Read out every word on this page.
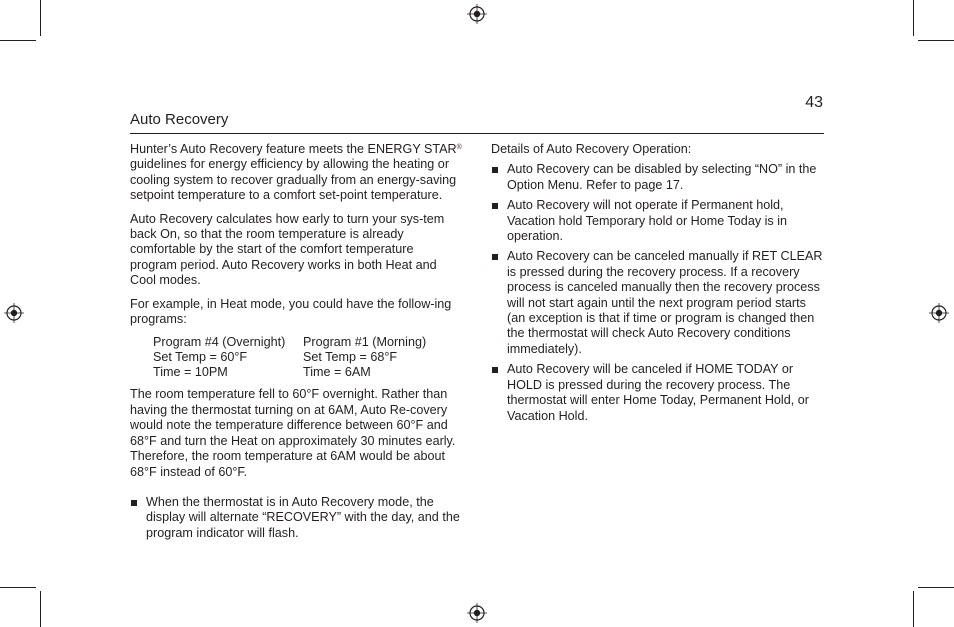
43
Auto Recovery

Hunter’s Auto Recovery feature meets the ENERGY STAR® guidelines for energy efficiency by allowing the heating or cooling system to recover gradually from an energy-saving setpoint temperature to a comfort set-point temperature.

Auto Recovery calculates how early to turn your sys-tem back On, so that the room temperature is already comfortable by the start of the comfort temperature program period. Auto Recovery works in both Heat and Cool modes.

For example, in Heat mode, you could have the follow-ing programs:

Program #4 (Overnight)	Program #1 (Morning)
Set Temp = 60°F	Set Temp = 68°F
Time = 10PM	Time = 6AM

The room temperature fell to 60°F overnight. Rather than having the thermostat turning on at 6AM, Auto Re-covery would note the temperature difference between 60°F and 68°F and turn the Heat on approximately 30 minutes early. Therefore, the room temperature at 6AM would be about 68°F instead of 60°F.

When the thermostat is in Auto Recovery mode, the display will alternate “RECOVERY” with the day, and the program indicator will flash.

Details of Auto Recovery Operation:

Auto Recovery can be disabled by selecting “NO” in the Option Menu. Refer to page 17.
Auto Recovery will not operate if Permanent hold, Vacation hold Temporary hold or Home Today is in operation.
Auto Recovery can be canceled manually if RET CLEAR is pressed during the recovery process. If a recovery process is canceled manually then the recovery process will not start again until the next program period starts (an exception is that if time or program is changed then the thermostat will check Auto Recovery conditions immediately).
Auto Recovery will be canceled if HOME TODAY or HOLD is pressed during the recovery process. The thermostat will enter Home Today, Permanent Hold, or Vacation Hold.
